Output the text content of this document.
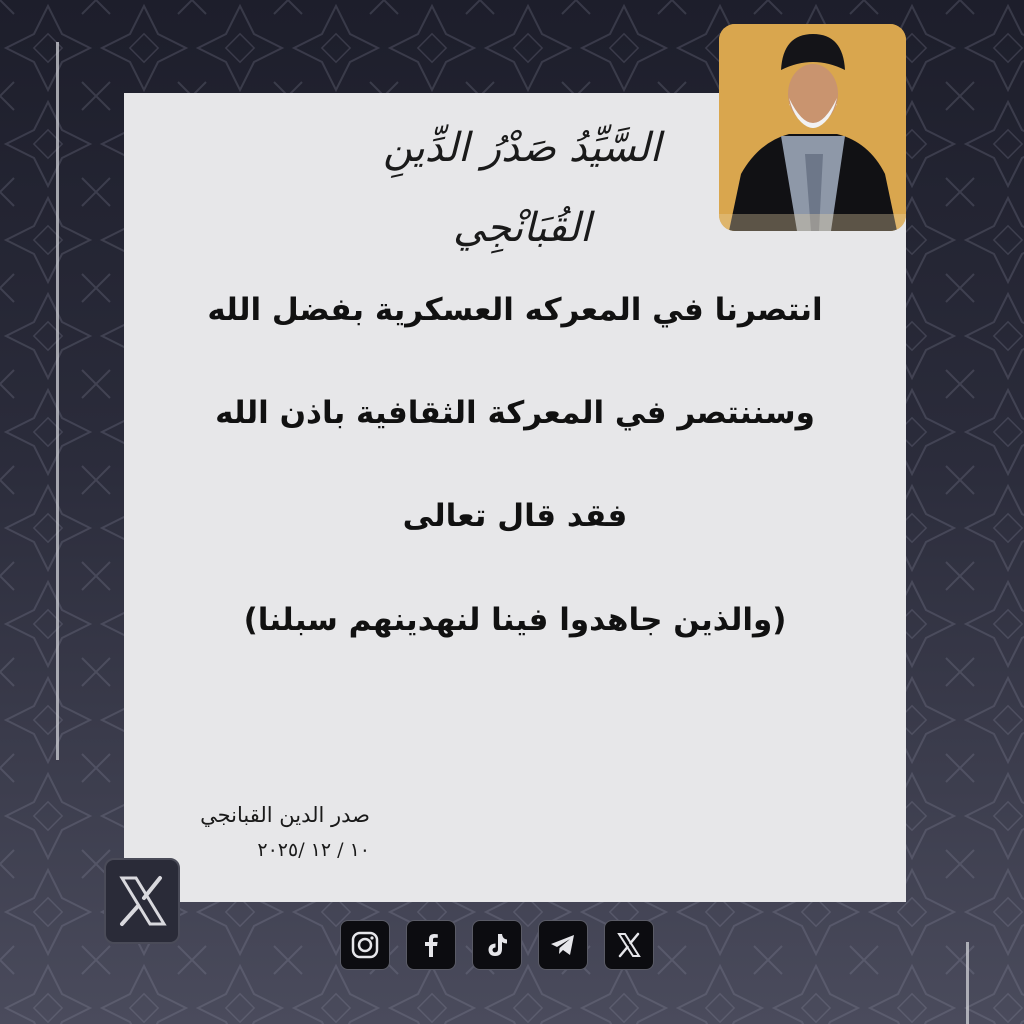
السَّيِّدُ صَدْرُ الدِّينِ القُبَانْجِي
انتصرنا في المعركه العسكرية بفضل الله
وسننتصر في المعركة الثقافية باذن الله
فقد قال تعالى
(والذين جاهدوا فينا لنهدينهم سبلنا)
صدر الدين القبانجي
١٠ / ١٢ /٢٠٢٥
